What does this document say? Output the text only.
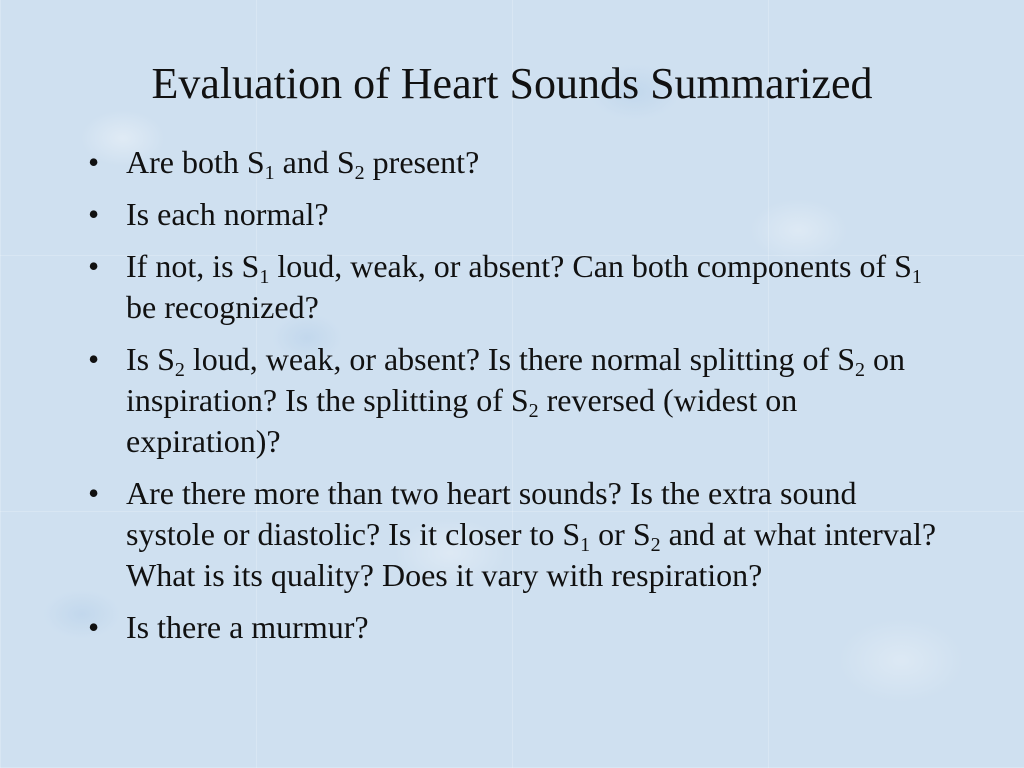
Evaluation of Heart Sounds Summarized
• Are both $S_1$ and $S_2$ present?
• Is each normal?
• If not, is $S_1$ loud, weak, or absent? Can both components of $S_1$ be recognized?
• Is $S_2$ loud, weak, or absent? Is there normal splitting of $S_2$ on inspiration? Is the splitting of $S_2$ reversed (widest on expiration)?
• Are there more than two heart sounds? Is the extra sound systole or diastolic? Is it closer to $S_1$ or $S_2$ and at what interval? What is its quality? Does it vary with respiration?
• Is there a murmur?
